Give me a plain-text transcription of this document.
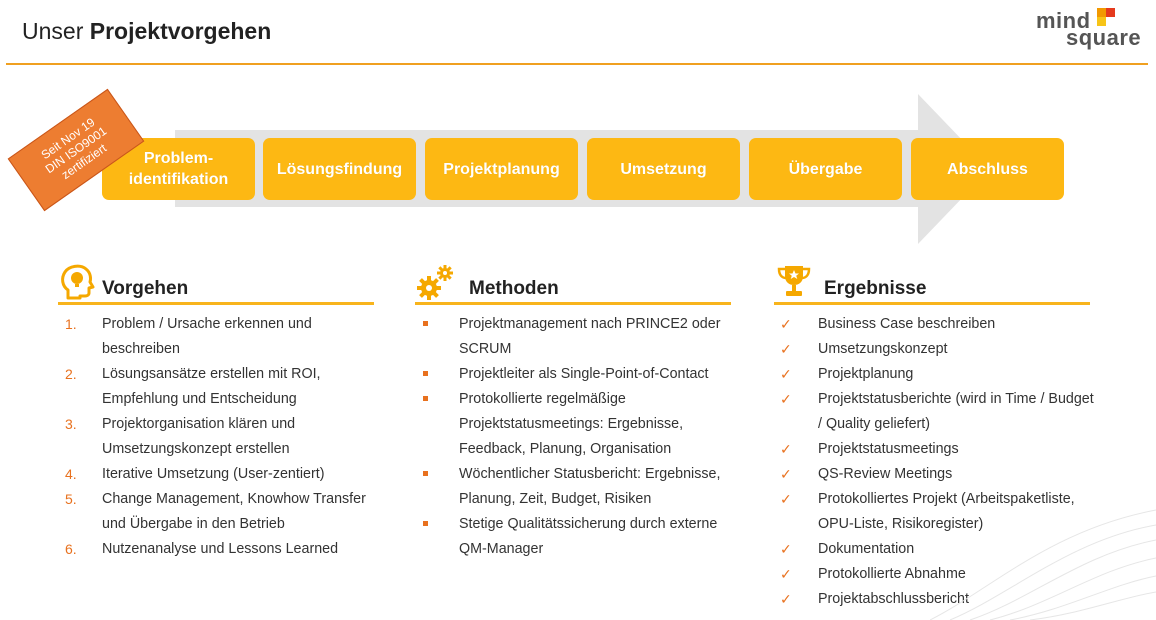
Unser Projektvorgehen	mind
square
Problem-identifikation
Lösungsfindung	Projektplanung	Umsetzung	Übergabe	Abschluss
Seit Nov 19 DIN ISO9001 zertifiziert
Vorgehen
1. Problem / Ursache erkennen und beschreiben
2. Lösungsansätze erstellen mit ROI, Empfehlung und Entscheidung
3. Projektorganisation klären und Umsetzungskonzept erstellen
4. Iterative Umsetzung (User-zentiert)
5. Change Management, Knowhow Transfer und Übergabe in den Betrieb
6. Nutzenanalyse und Lessons Learned
Methoden
Projektmanagement nach PRINCE2 oder SCRUM
Projektleiter als Single-Point-of-Contact
Protokollierte regelmäßige Projektstatusmeetings: Ergebnisse, Feedback, Planung, Organisation
Wöchentlicher Statusbericht: Ergebnisse, Planung, Zeit, Budget, Risiken
Stetige Qualitätssicherung durch externe QM-Manager
Ergebnisse
✓ Business Case beschreiben
✓ Umsetzungskonzept
✓ Projektplanung
✓ Projektstatusberichte (wird in Time / Budget / Quality geliefert)
✓ Projektstatusmeetings
✓ QS-Review Meetings
✓ Protokolliertes Projekt (Arbeitspaketliste, OPU-Liste, Risikoregister)
✓ Dokumentation
✓ Protokollierte Abnahme
✓ Projektabschlussbericht
